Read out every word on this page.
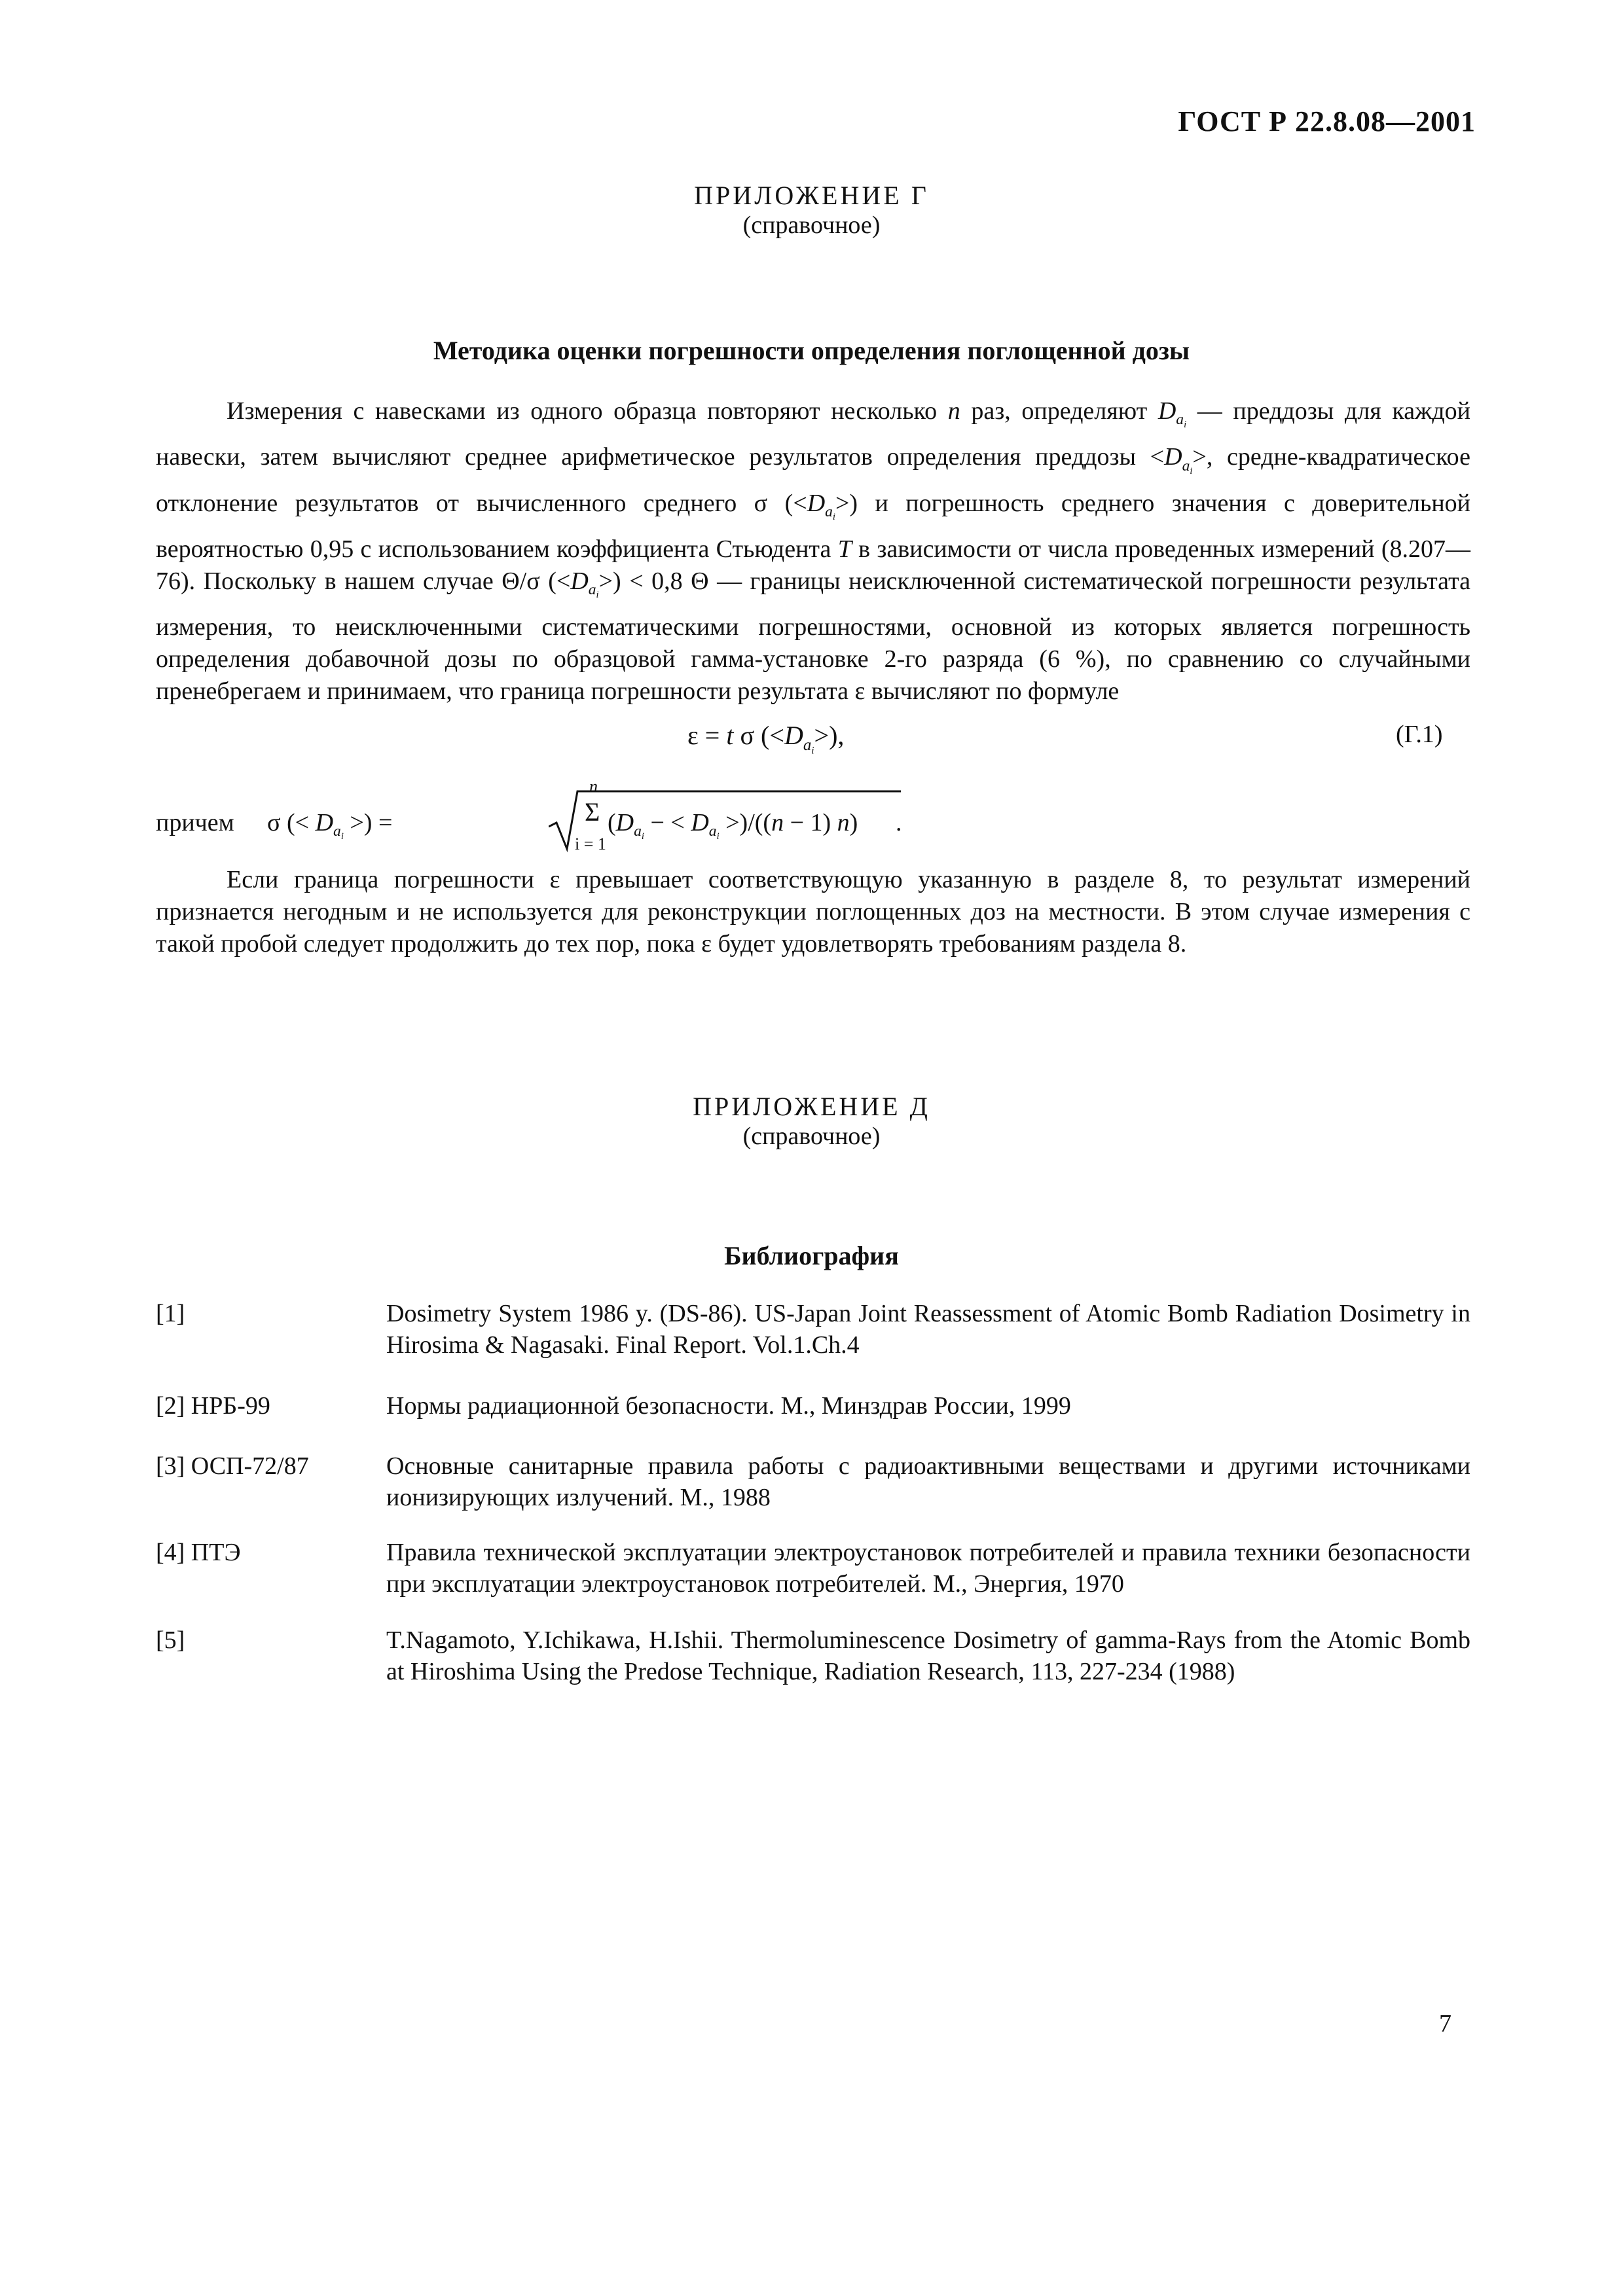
ГОСТ Р 22.8.08—2001
ПРИЛОЖЕНИЕ Г
(справочное)
Методика оценки погрешности определения поглощенной дозы
Измерения с навесками из одного образца повторяют несколько n раз, определяют $D_{a_i}$ — преддозы для каждой навески, затем вычисляют среднее арифметическое результатов определения преддозы $<D_{a_i}>$, средне-квадратическое отклонение результатов от вычисленного среднего σ $(<D_{a_i}>)$ и погрешность среднего значения с доверительной вероятностью 0,95 с использованием коэффициента Стьюдента T в зависимости от числа проведенных измерений (8.207—76). Поскольку в нашем случае Θ/σ $(<D_{a_i}>) < 0,8$ Θ — границы неисключенной систематической погрешности результата измерения, то неисключенными систематическими погрешностями, основной из которых является погрешность определения добавочной дозы по образцовой гамма-установке 2-го разряда (6 %), по сравнению со случайными пренебрегаем и принимаем, что граница погрешности результата ε вычисляют по формуле
ε = t σ $(<D_{a_i}>)$,	(Г.1)
причем σ (< $D_{a_i}$ >) =
n
Σ
i = 1
($D_{a_i}$ − < $D_{a_i} >)/((n - 1)$ n) .
Если граница погрешности ε превышает соответствующую указанную в разделе 8, то результат измерений признается негодным и не используется для реконструкции поглощенных доз на местности. В этом случае измерения с такой пробой следует продолжить до тех пор, пока ε будет удовлетворять требованиям раздела 8.
ПРИЛОЖЕНИЕ Д
(справочное)
Библиография
[1]	Dosimetry System 1986 y. (DS-86). US-Japan Joint Reassessment of Atomic Bomb Radiation Dosimetry in Hirosima & Nagasaki. Final Report. Vol.1.Ch.4
[2] НРБ-99	Нормы радиационной безопасности. М., Минздрав России, 1999
[3] ОСП-72/87	Основные санитарные правила работы с радиоактивными веществами и другими источниками ионизирующих излучений. М., 1988
[4] ПТЭ	Правила технической эксплуатации электроустановок потребителей и правила техники безопасности при эксплуатации электроустановок потребителей. М., Энергия, 1970
[5]	T.Nagamoto, Y.Ichikawa, H.Ishii. Thermoluminescence Dosimetry of gamma-Rays from the Atomic Bomb at Hiroshima Using the Predose Technique, Radiation Research, 113, 227-234 (1988)
7
